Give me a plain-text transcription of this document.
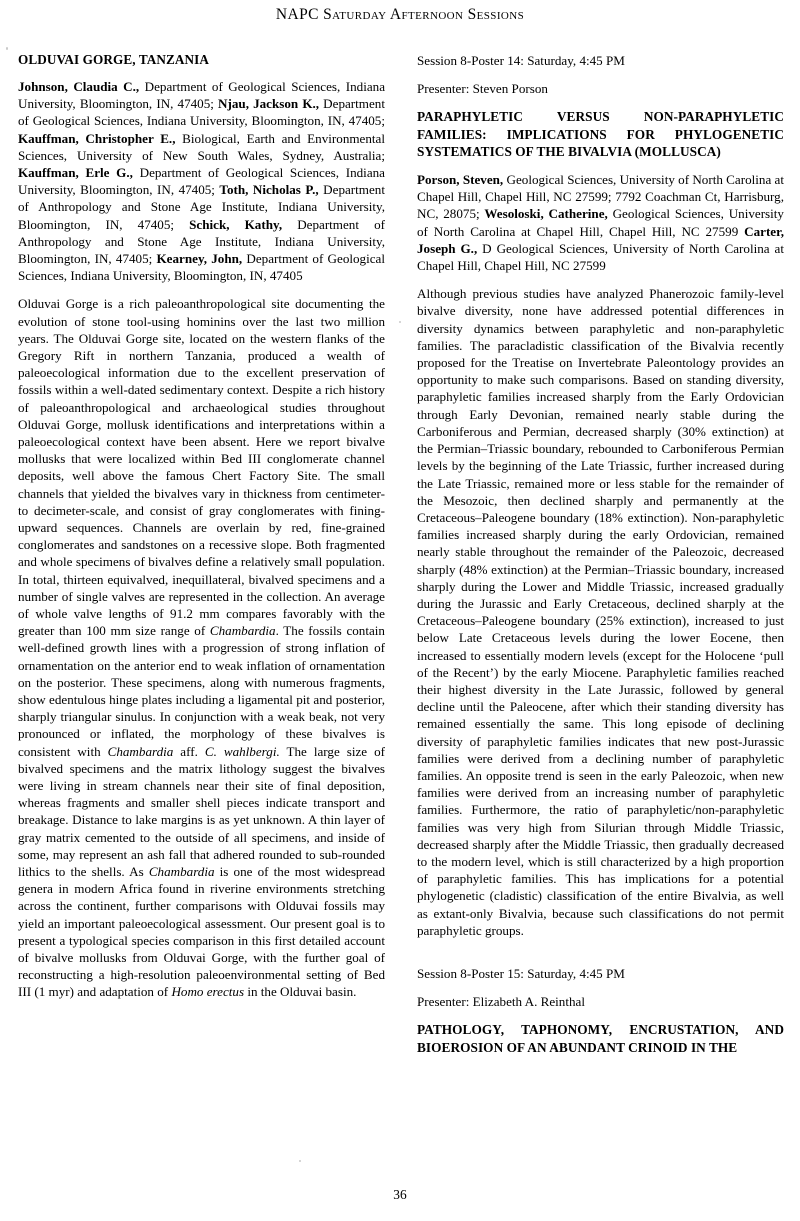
NAPC Saturday Afternoon Sessions
OLDUVAI GORGE, TANZANIA
Johnson, Claudia C., Department of Geological Sciences, Indiana University, Bloomington, IN, 47405; Njau, Jackson K., Department of Geological Sciences, Indiana University, Bloomington, IN, 47405; Kauffman, Christopher E., Biological, Earth and Environmental Sciences, University of New South Wales, Sydney, Australia; Kauffman, Erle G., Department of Geological Sciences, Indiana University, Bloomington, IN, 47405; Toth, Nicholas P., Department of Anthropology and Stone Age Institute, Indiana University, Bloomington, IN, 47405; Schick, Kathy, Department of Anthropology and Stone Age Institute, Indiana University, Bloomington, IN, 47405; Kearney, John, Department of Geological Sciences, Indiana University, Bloomington, IN, 47405
Olduvai Gorge is a rich paleoanthropological site documenting the evolution of stone tool-using hominins over the last two million years. The Olduvai Gorge site, located on the western flanks of the Gregory Rift in northern Tanzania, produced a wealth of paleoecological information due to the excellent preservation of fossils within a well-dated sedimentary context. Despite a rich history of paleoanthropological and archaeological studies throughout Olduvai Gorge, mollusk identifications and interpretations within a paleoecological context have been absent. Here we report bivalve mollusks that were localized within Bed III conglomerate channel deposits, well above the famous Chert Factory Site. The small channels that yielded the bivalves vary in thickness from centimeter- to decimeter-scale, and consist of gray conglomerates with fining-upward sequences. Channels are overlain by red, fine-grained conglomerates and sandstones on a recessive slope. Both fragmented and whole specimens of bivalves define a relatively small population. In total, thirteen equivalved, inequillateral, bivalved specimens and a number of single valves are represented in the collection. An average of whole valve lengths of 91.2 mm compares favorably with the greater than 100 mm size range of Chambardia. The fossils contain well-defined growth lines with a progression of strong inflation of ornamentation on the anterior end to weak inflation of ornamentation on the posterior. These specimens, along with numerous fragments, show edentulous hinge plates including a ligamental pit and posterior, sharply triangular sinulus. In conjunction with a weak beak, not very pronounced or inflated, the morphology of these bivalves is consistent with Chambardia aff. C. wahlbergi. The large size of bivalved specimens and the matrix lithology suggest the bivalves were living in stream channels near their site of final deposition, whereas fragments and smaller shell pieces indicate transport and breakage. Distance to lake margins is as yet unknown. A thin layer of gray matrix cemented to the outside of all specimens, and inside of some, may represent an ash fall that adhered rounded to sub-rounded lithics to the shells. As Chambardia is one of the most widespread genera in modern Africa found in riverine environments stretching across the continent, further comparisons with Olduvai fossils may yield an important paleoecological assessment. Our present goal is to present a typological species comparison in this first detailed account of bivalve mollusks from Olduvai Gorge, with the further goal of reconstructing a high-resolution paleoenvironmental setting of Bed III (1 myr) and adaptation of Homo erectus in the Olduvai basin.
Session 8-Poster 14: Saturday, 4:45 PM
Presenter: Steven Porson
PARAPHYLETIC VERSUS NON-PARAPHYLETIC FAMILIES: IMPLICATIONS FOR PHYLOGENETIC SYSTEMATICS OF THE BIVALVIA (MOLLUSCA)
Porson, Steven, Geological Sciences, University of North Carolina at Chapel Hill, Chapel Hill, NC 27599; 7792 Coachman Ct, Harrisburg, NC, 28075; Wesoloski, Catherine, Geological Sciences, University of North Carolina at Chapel Hill, Chapel Hill, NC 27599 Carter, Joseph G., D Geological Sciences, University of North Carolina at Chapel Hill, Chapel Hill, NC 27599
Although previous studies have analyzed Phanerozoic family-level bivalve diversity, none have addressed potential differences in diversity dynamics between paraphyletic and non-paraphyletic families. The paracladistic classification of the Bivalvia recently proposed for the Treatise on Invertebrate Paleontology provides an opportunity to make such comparisons. Based on standing diversity, paraphyletic families increased sharply from the Early Ordovician through Early Devonian, remained nearly stable during the Carboniferous and Permian, decreased sharply (30% extinction) at the Permian–Triassic boundary, rebounded to Carboniferous Permian levels by the beginning of the Late Triassic, further increased during the Late Triassic, remained more or less stable for the remainder of the Mesozoic, then declined sharply and permanently at the Cretaceous–Paleogene boundary (18% extinction). Non-paraphyletic families increased sharply during the early Ordovician, remained nearly stable throughout the remainder of the Paleozoic, decreased sharply (48% extinction) at the Permian–Triassic boundary, increased sharply during the Lower and Middle Triassic, increased gradually during the Jurassic and Early Cretaceous, declined sharply at the Cretaceous–Paleogene boundary (25% extinction), increased to just below Late Cretaceous levels during the lower Eocene, then increased to essentially modern levels (except for the Holocene ‘pull of the Recent’) by the early Miocene. Paraphyletic families reached their highest diversity in the Late Jurassic, followed by general decline until the Paleocene, after which their standing diversity has remained essentially the same. This long episode of declining diversity of paraphyletic families indicates that new post-Jurassic families were derived from a declining number of paraphyletic families. An opposite trend is seen in the early Paleozoic, when new families were derived from an increasing number of paraphyletic families. Furthermore, the ratio of paraphyletic/non-paraphyletic families was very high from Silurian through Middle Triassic, decreased sharply after the Middle Triassic, then gradually decreased to the modern level, which is still characterized by a high proportion of paraphyletic families. This has implications for a potential phylogenetic (cladistic) classification of the entire Bivalvia, as well as extant-only Bivalvia, because such classifications do not permit paraphyletic groups.
Session 8-Poster 15: Saturday, 4:45 PM
Presenter: Elizabeth A. Reinthal
PATHOLOGY, TAPHONOMY, ENCRUSTATION, AND BIOEROSION OF AN ABUNDANT CRINOID IN THE
36
